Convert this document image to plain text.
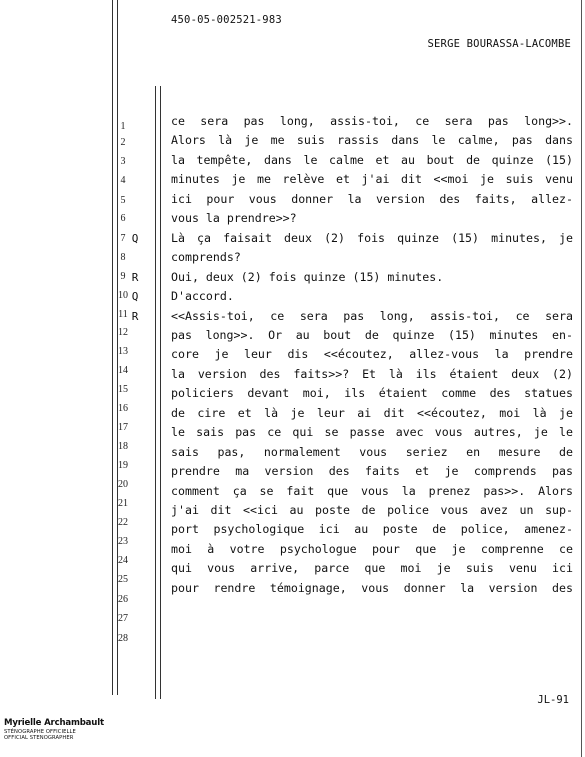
450-05-002521-983
SERGE BOURASSA-LACOMBE
1
2
3
4
5
6
7
8
9
10
11
12
13
14
15
16
17
18
19
20
21
22
23
24
25
26
27
28
ce sera pas long, assis-toi, ce sera pas long>>.
Alors là je me suis rassis dans le calme, pas dans
la tempête, dans le calme et au bout de quinze (15)
minutes je me relève et j'ai dit <<moi je suis venu
ici pour vous donner la version des faits, allez-
vous la prendre>>?
Q	Là ça faisait deux (2) fois quinze (15) minutes, je
comprends?
R	Oui, deux (2) fois quinze (15) minutes.
Q	D'accord.
R	<<Assis-toi, ce sera pas long, assis-toi, ce sera
pas long>>. Or au bout de quinze (15) minutes en-
core je leur dis <<écoutez, allez-vous la prendre
la version des faits>>? Et là ils étaient deux (2)
policiers devant moi, ils étaient comme des statues
de cire et là je leur ai dit <<écoutez, moi là je
le sais pas ce qui se passe avec vous autres, je le
sais pas, normalement vous seriez en mesure de
prendre ma version des faits et je comprends pas
comment ça se fait que vous la prenez pas>>. Alors
j'ai dit <<ici au poste de police vous avez un sup-
port psychologique ici au poste de police, amenez-
moi à votre psychologue pour que je comprenne ce
qui vous arrive, parce que moi je suis venu ici
pour rendre témoignage, vous donner la version des
JL-91
Myrielle Archambault
STÉNOGRAPHE OFFICIELLE
OFFICIAL STENOGRAPHER
